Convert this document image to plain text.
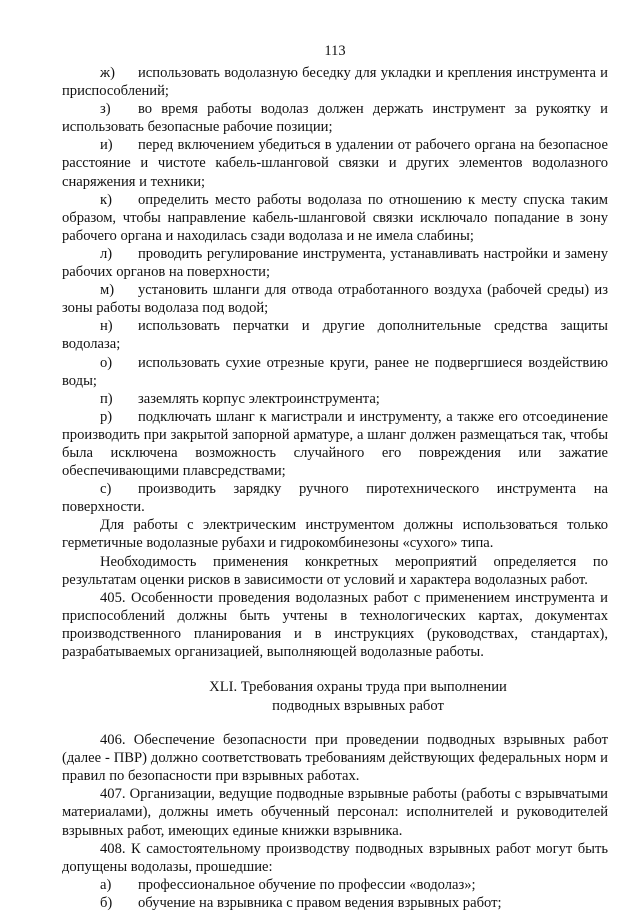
113

ж) использовать водолазную беседку для укладки и крепления инструмента и приспособлений;

з) во время работы водолаз должен держать инструмент за рукоятку и использовать безопасные рабочие позиции;

и) перед включением убедиться в удалении от рабочего органа на безопасное расстояние и чистоте кабель-шланговой связки и других элементов водолазного снаряжения и техники;

к) определить место работы водолаза по отношению к месту спуска таким образом, чтобы направление кабель-шланговой связки исключало попадание в зону рабочего органа и находилась сзади водолаза и не имела слабины;

л) проводить регулирование инструмента, устанавливать настройки и замену рабочих органов на поверхности;

м) установить шланги для отвода отработанного воздуха (рабочей среды) из зоны работы водолаза под водой;

н) использовать перчатки и другие дополнительные средства защиты водолаза;

о) использовать сухие отрезные круги, ранее не подвергшиеся воздействию воды;

п) заземлять корпус электроинструмента;

р) подключать шланг к магистрали и инструменту, а также его отсоединение производить при закрытой запорной арматуре, а шланг должен размещаться так, чтобы была исключена возможность случайного его повреждения или зажатие обеспечивающими плавсредствами;

с) производить зарядку ручного пиротехнического инструмента на поверхности.

Для работы с электрическим инструментом должны использоваться только герметичные водолазные рубахи и гидрокомбинезоны «сухого» типа.

Необходимость применения конкретных мероприятий определяется по результатам оценки рисков в зависимости от условий и характера водолазных работ.

405. Особенности проведения водолазных работ с применением инструмента и приспособлений должны быть учтены в технологических картах, документах производственного планирования и в инструкциях (руководствах, стандартах), разрабатываемых организацией, выполняющей водолазные работы.

XLI. Требования охраны труда при выполнении
подводных взрывных работ

406. Обеспечение безопасности при проведении подводных взрывных работ (далее - ПВР) должно соответствовать требованиям действующих федеральных норм и правил по безопасности при взрывных работах.

407. Организации, ведущие подводные взрывные работы (работы с взрывчатыми материалами), должны иметь обученный персонал: исполнителей и руководителей взрывных работ, имеющих единые книжки взрывника.

408. К самостоятельному производству подводных взрывных работ могут быть допущены водолазы, прошедшие:

а) профессиональное обучение по профессии «водолаз»;

б) обучение на взрывника с правом ведения взрывных работ;
